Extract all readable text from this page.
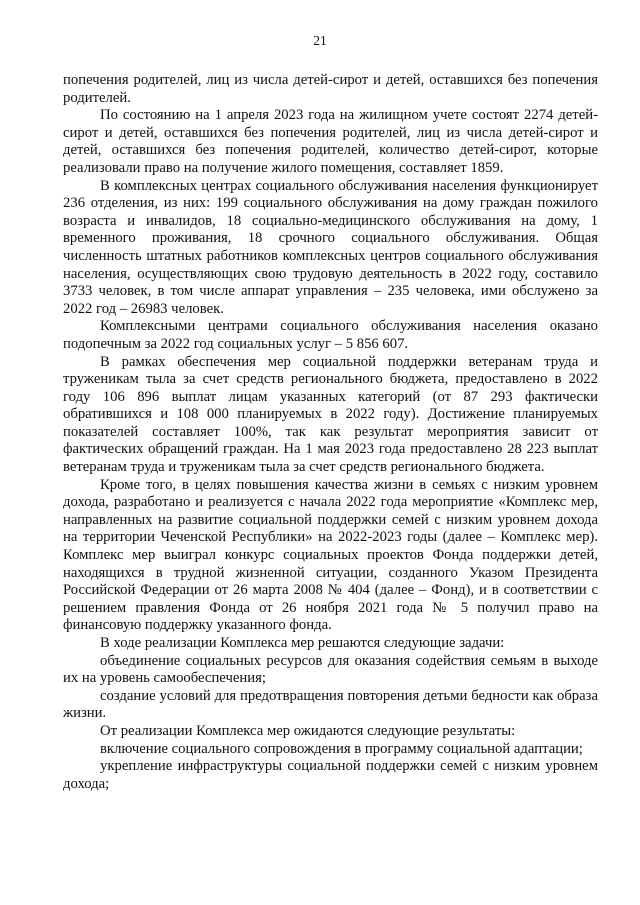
21

попечения родителей, лиц из числа детей-сирот и детей, оставшихся без попечения родителей.

По состоянию на 1 апреля 2023 года на жилищном учете состоят 2274 детей-сирот и детей, оставшихся без попечения родителей, лиц из числа детей-сирот и детей, оставшихся без попечения родителей, количество детей-сирот, которые реализовали право на получение жилого помещения, составляет 1859.

В комплексных центрах социального обслуживания населения функционирует 236 отделения, из них: 199 социального обслуживания на дому граждан пожилого возраста и инвалидов, 18 социально-медицинского обслуживания на дому, 1 временного проживания, 18 срочного социального обслуживания. Общая численность штатных работников комплексных центров социального обслуживания населения, осуществляющих свою трудовую деятельность в 2022 году, составило 3733 человек, в том числе аппарат управления – 235 человека, ими обслужено за 2022 год – 26983 человек.

Комплексными центрами социального обслуживания населения оказано подопечным за 2022 год социальных услуг – 5 856 607.

В рамках обеспечения мер социальной поддержки ветеранам труда и труженикам тыла за счет средств регионального бюджета, предоставлено в 2022 году 106 896 выплат лицам указанных категорий (от 87 293 фактически обратившихся и 108 000 планируемых в 2022 году). Достижение планируемых показателей составляет 100%, так как результат мероприятия зависит от фактических обращений граждан. На 1 мая 2023 года предоставлено 28 223 выплат ветеранам труда и труженикам тыла за счет средств регионального бюджета.

Кроме того, в целях повышения качества жизни в семьях с низким уровнем дохода, разработано и реализуется с начала 2022 года мероприятие «Комплекс мер, направленных на развитие социальной поддержки семей с низким уровнем дохода на территории Чеченской Республики» на 2022-2023 годы (далее – Комплекс мер). Комплекс мер выиграл конкурс социальных проектов Фонда поддержки детей, находящихся в трудной жизненной ситуации, созданного Указом Президента Российской Федерации от 26 марта 2008 № 404 (далее – Фонд), и в соответствии с решением правления Фонда от 26 ноября 2021 года № 5 получил право на финансовую поддержку указанного фонда.

В ходе реализации Комплекса мер решаются следующие задачи:

объединение социальных ресурсов для оказания содействия семьям в выходе их на уровень самообеспечения;

создание условий для предотвращения повторения детьми бедности как образа жизни.

От реализации Комплекса мер ожидаются следующие результаты:

включение социального сопровождения в программу социальной адаптации;

укрепление инфраструктуры социальной поддержки семей с низким уровнем дохода;
